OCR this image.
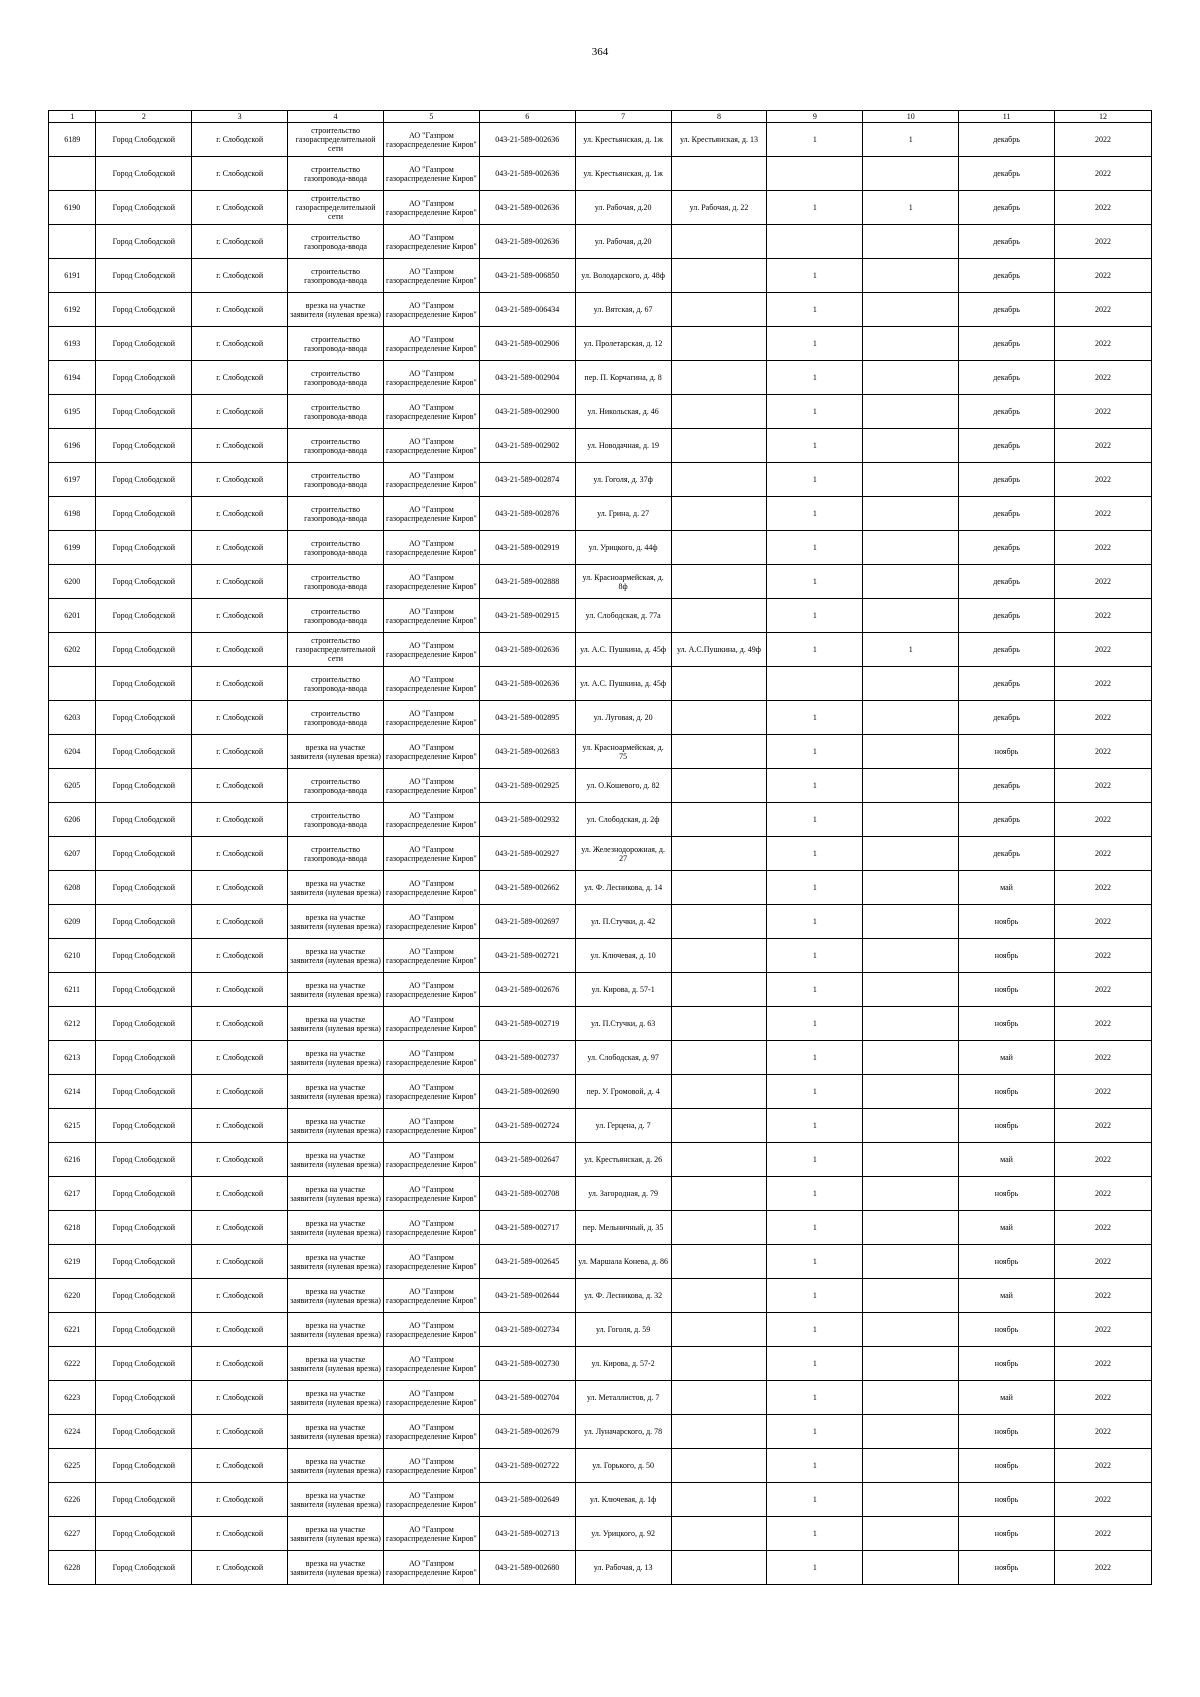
364
1	2	3	4	5	6	7	8	9	10	11	12
6189	Город Слободской	г. Слободской	строительство газораспределительной сети	АО "Газпром газораспределение Киров"	043-21-589-002636	ул. Крестьянская, д. 1ж	ул. Крестьянская, д. 13	1	1	декабрь	2022
	Город Слободской	г. Слободской	строительство газопровода-ввода	АО "Газпром газораспределение Киров"	043-21-589-002636	ул. Крестьянская, д. 1ж				декабрь	2022
6190	Город Слободской	г. Слободской	строительство газораспределительной сети	АО "Газпром газораспределение Киров"	043-21-589-002636	ул. Рабочая, д.20	ул. Рабочая, д. 22	1	1	декабрь	2022
	Город Слободской	г. Слободской	строительство газопровода-ввода	АО "Газпром газораспределение Киров"	043-21-589-002636	ул. Рабочая, д.20				декабрь	2022
6191	Город Слободской	г. Слободской	строительство газопровода-ввода	АО "Газпром газораспределение Киров"	043-21-589-006850	ул. Володарского, д. 48ф		1		декабрь	2022
6192	Город Слободской	г. Слободской	врезка на участке заявителя (нулевая врезка)	АО "Газпром газораспределение Киров"	043-21-589-006434	ул. Вятская, д. 67		1		декабрь	2022
6193	Город Слободской	г. Слободской	строительство газопровода-ввода	АО "Газпром газораспределение Киров"	043-21-589-002906	ул. Пролетарская, д. 12		1		декабрь	2022
6194	Город Слободской	г. Слободской	строительство газопровода-ввода	АО "Газпром газораспределение Киров"	043-21-589-002904	пер. П. Корчагина, д. 8		1		декабрь	2022
6195	Город Слободской	г. Слободской	строительство газопровода-ввода	АО "Газпром газораспределение Киров"	043-21-589-002900	ул. Никольская, д. 46		1		декабрь	2022
6196	Город Слободской	г. Слободской	строительство газопровода-ввода	АО "Газпром газораспределение Киров"	043-21-589-002902	ул. Новодачная, д. 19		1		декабрь	2022
6197	Город Слободской	г. Слободской	строительство газопровода-ввода	АО "Газпром газораспределение Киров"	043-21-589-002874	ул. Гоголя, д. 37ф		1		декабрь	2022
6198	Город Слободской	г. Слободской	строительство газопровода-ввода	АО "Газпром газораспределение Киров"	043-21-589-002876	ул. Грина, д. 27		1		декабрь	2022
6199	Город Слободской	г. Слободской	строительство газопровода-ввода	АО "Газпром газораспределение Киров"	043-21-589-002919	ул. Урицкого, д. 44ф		1		декабрь	2022
6200	Город Слободской	г. Слободской	строительство газопровода-ввода	АО "Газпром газораспределение Киров"	043-21-589-002888	ул. Красноармейская, д. 8ф		1		декабрь	2022
6201	Город Слободской	г. Слободской	строительство газопровода-ввода	АО "Газпром газораспределение Киров"	043-21-589-002915	ул. Слободская, д. 77а		1		декабрь	2022
6202	Город Слободской	г. Слободской	строительство газораспределительной сети	АО "Газпром газораспределение Киров"	043-21-589-002636	ул. А.С. Пушкина, д. 45ф	ул. А.С.Пушкина, д. 49ф	1	1	декабрь	2022
	Город Слободской	г. Слободской	строительство газопровода-ввода	АО "Газпром газораспределение Киров"	043-21-589-002636	ул. А.С. Пушкина, д. 45ф				декабрь	2022
6203	Город Слободской	г. Слободской	строительство газопровода-ввода	АО "Газпром газораспределение Киров"	043-21-589-002895	ул. Луговая, д. 20		1		декабрь	2022
6204	Город Слободской	г. Слободской	врезка на участке заявителя (нулевая врезка)	АО "Газпром газораспределение Киров"	043-21-589-002683	ул. Красноармейская, д. 75		1		ноябрь	2022
6205	Город Слободской	г. Слободской	строительство газопровода-ввода	АО "Газпром газораспределение Киров"	043-21-589-002925	ул. О.Кошевого, д. 82		1		декабрь	2022
6206	Город Слободской	г. Слободской	строительство газопровода-ввода	АО "Газпром газораспределение Киров"	043-21-589-002932	ул. Слободская, д. 2ф		1		декабрь	2022
6207	Город Слободской	г. Слободской	строительство газопровода-ввода	АО "Газпром газораспределение Киров"	043-21-589-002927	ул. Железнодорожная, д. 27		1		декабрь	2022
6208	Город Слободской	г. Слободской	врезка на участке заявителя (нулевая врезка)	АО "Газпром газораспределение Киров"	043-21-589-002662	ул. Ф. Лесникова, д. 14		1		май	2022
6209	Город Слободской	г. Слободской	врезка на участке заявителя (нулевая врезка)	АО "Газпром газораспределение Киров"	043-21-589-002697	ул. П.Стучки, д. 42		1		ноябрь	2022
6210	Город Слободской	г. Слободской	врезка на участке заявителя (нулевая врезка)	АО "Газпром газораспределение Киров"	043-21-589-002721	ул. Ключевая, д. 10		1		ноябрь	2022
6211	Город Слободской	г. Слободской	врезка на участке заявителя (нулевая врезка)	АО "Газпром газораспределение Киров"	043-21-589-002676	ул. Кирова, д. 57-1		1		ноябрь	2022
6212	Город Слободской	г. Слободской	врезка на участке заявителя (нулевая врезка)	АО "Газпром газораспределение Киров"	043-21-589-002719	ул. П.Стучки, д. 63		1		ноябрь	2022
6213	Город Слободской	г. Слободской	врезка на участке заявителя (нулевая врезка)	АО "Газпром газораспределение Киров"	043-21-589-002737	ул. Слободская, д. 97		1		май	2022
6214	Город Слободской	г. Слободской	врезка на участке заявителя (нулевая врезка)	АО "Газпром газораспределение Киров"	043-21-589-002690	пер. У. Громовой, д. 4		1		ноябрь	2022
6215	Город Слободской	г. Слободской	врезка на участке заявителя (нулевая врезка)	АО "Газпром газораспределение Киров"	043-21-589-002724	ул. Герцена, д. 7		1		ноябрь	2022
6216	Город Слободской	г. Слободской	врезка на участке заявителя (нулевая врезка)	АО "Газпром газораспределение Киров"	043-21-589-002647	ул. Крестьянская, д. 26		1		май	2022
6217	Город Слободской	г. Слободской	врезка на участке заявителя (нулевая врезка)	АО "Газпром газораспределение Киров"	043-21-589-002708	ул. Загородная, д. 79		1		ноябрь	2022
6218	Город Слободской	г. Слободской	врезка на участке заявителя (нулевая врезка)	АО "Газпром газораспределение Киров"	043-21-589-002717	пер. Мельничный, д. 35		1		май	2022
6219	Город Слободской	г. Слободской	врезка на участке заявителя (нулевая врезка)	АО "Газпром газораспределение Киров"	043-21-589-002645	ул. Маршала Конева, д. 86		1		ноябрь	2022
6220	Город Слободской	г. Слободской	врезка на участке заявителя (нулевая врезка)	АО "Газпром газораспределение Киров"	043-21-589-002644	ул. Ф. Лесникова, д. 32		1		май	2022
6221	Город Слободской	г. Слободской	врезка на участке заявителя (нулевая врезка)	АО "Газпром газораспределение Киров"	043-21-589-002734	ул. Гоголя, д. 59		1		ноябрь	2022
6222	Город Слободской	г. Слободской	врезка на участке заявителя (нулевая врезка)	АО "Газпром газораспределение Киров"	043-21-589-002730	ул. Кирова, д. 57-2		1		ноябрь	2022
6223	Город Слободской	г. Слободской	врезка на участке заявителя (нулевая врезка)	АО "Газпром газораспределение Киров"	043-21-589-002704	ул. Металлистов, д. 7		1		май	2022
6224	Город Слободской	г. Слободской	врезка на участке заявителя (нулевая врезка)	АО "Газпром газораспределение Киров"	043-21-589-002679	ул. Луначарского, д. 78		1		ноябрь	2022
6225	Город Слободской	г. Слободской	врезка на участке заявителя (нулевая врезка)	АО "Газпром газораспределение Киров"	043-21-589-002722	ул. Горького, д. 50		1		ноябрь	2022
6226	Город Слободской	г. Слободской	врезка на участке заявителя (нулевая врезка)	АО "Газпром газораспределение Киров"	043-21-589-002649	ул. Ключевая, д. 1ф		1		ноябрь	2022
6227	Город Слободской	г. Слободской	врезка на участке заявителя (нулевая врезка)	АО "Газпром газораспределение Киров"	043-21-589-002713	ул. Урицкого, д. 92		1		ноябрь	2022
6228	Город Слободской	г. Слободской	врезка на участке заявителя (нулевая врезка)	АО "Газпром газораспределение Киров"	043-21-589-002680	ул. Рабочая, д. 13		1		ноябрь	2022
